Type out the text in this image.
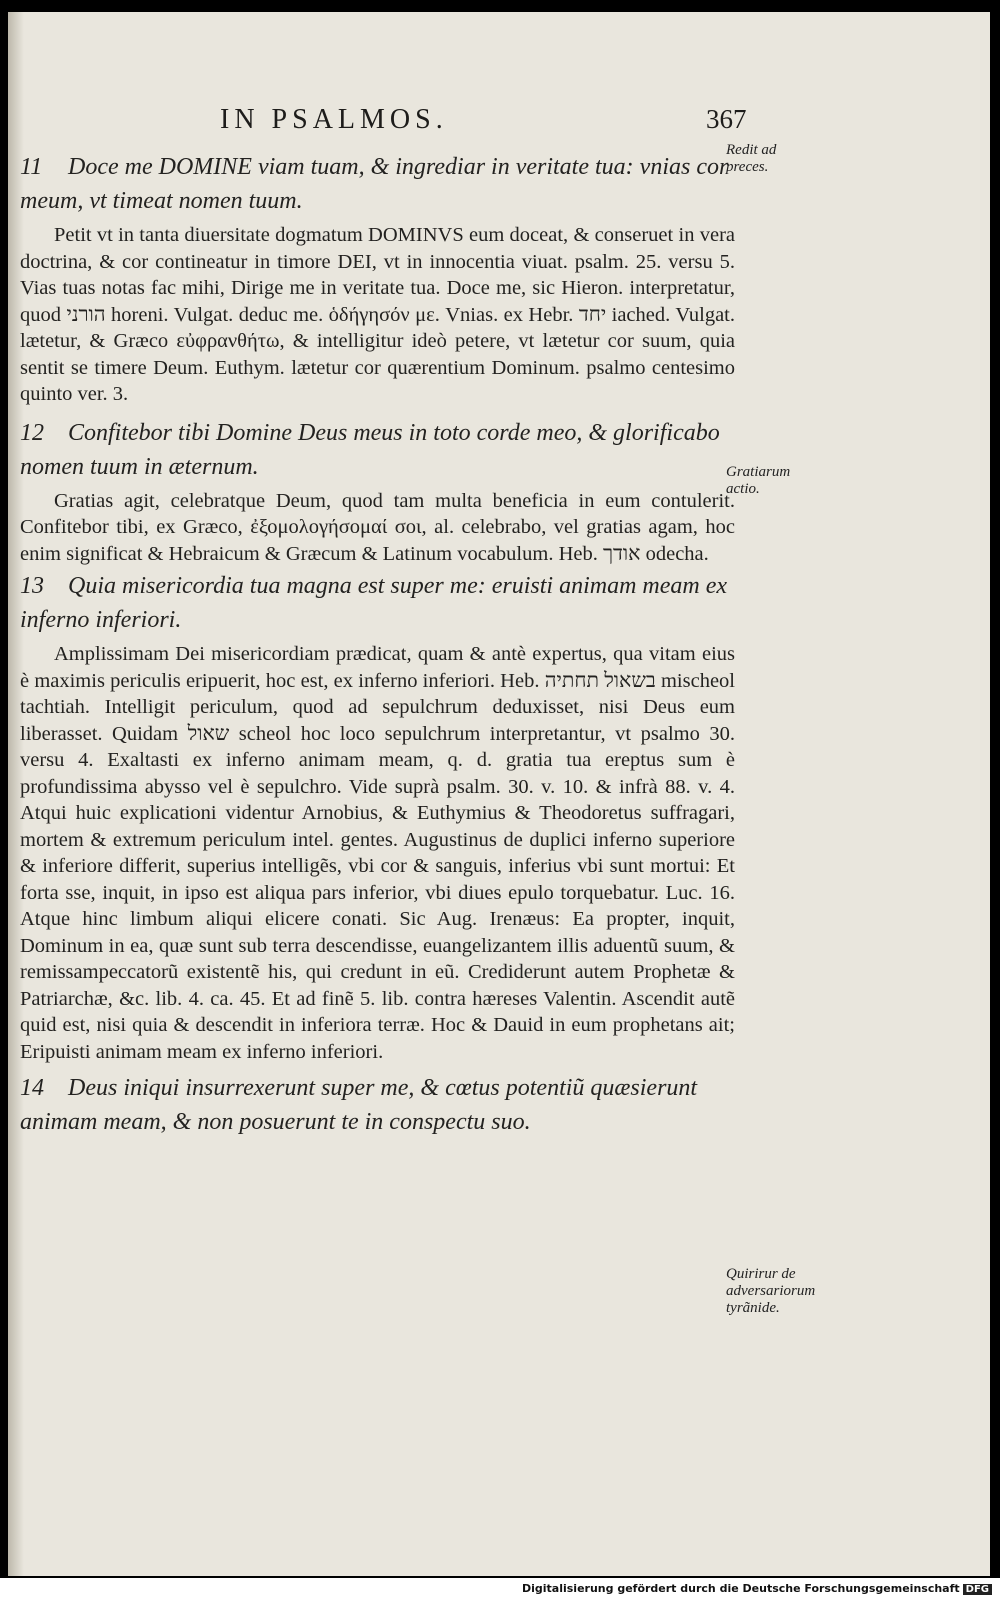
IN PSALMOS.	367
11 Doce me DOMINE viam tuam, & ingrediar in veritate tua: vnias cor meum, vt timeat nomen tuum.

Petit vt in tanta diuersitate dogmatum DOMINVS eum doceat, & conseruet in vera doctrina, & cor contineatur in timore DEI, vt in innocentia viuat. psalm. 25. versu 5. Vias tuas notas fac mihi, Dirige me in veritate tua. Doce me, sic Hieron. interpretatur, quod הורני horeni. Vulgat. deduc me. ὁδήγησόν με. Vnias. ex Hebr. יחד iached. Vulgat. lætetur, & Græco εὐφρανθήτω, & intelligitur ideò petere, vt lætetur cor suum, quia sentit se timere Deum. Euthym. lætetur cor quærentium Dominum. psalmo centesimo quinto ver. 3.

12 Confitebor tibi Domine Deus meus in toto corde meo, & glorificabo nomen tuum in æternum.

Gratias agit, celebratque Deum, quod tam multa beneficia in eum contulerit. Confitebor tibi, ex Græco, ἐξομολογήσομαί σοι, al. celebrabo, vel gratias agam, hoc enim significat & Hebraicum & Græcum & Latinum vocabulum. Heb. אודך odecha.

13 Quia misericordia tua magna est super me: eruisti animam meam ex inferno inferiori.

Amplissimam Dei misericordiam prædicat, quam & antè expertus, qua vitam eius è maximis periculis eripuerit, hoc est, ex inferno inferiori. Heb. בשאול תחתיה mischeol tachtiah. Intelligit periculum, quod ad sepulchrum deduxisset, nisi Deus eum liberasset. Quidam שאול scheol hoc loco sepulchrum interpretantur, vt psalmo 30. versu 4. Exaltasti ex inferno animam meam, q. d. gratia tua ereptus sum è profundissima abysso vel è sepulchro. Vide suprà psalm. 30. v. 10. & infrà 88. v. 4. Atqui huic explicationi videntur Arnobius, & Euthymius & Theodoretus suffragari, mortem & extremum periculum intel. gentes. Augustinus de duplici inferno superiore & inferiore differit, superius intelligẽs, vbi cor & sanguis, inferius vbi sunt mortui: Et forta sse, inquit, in ipso est aliqua pars inferior, vbi diues epulo torquebatur. Luc. 16. Atque hinc limbum aliqui elicere conati. Sic Aug. Irenæus: Ea propter, inquit, Dominum in ea, quæ sunt sub terra descendisse, euangelizantem illis aduentũ suum, & remissampeccatorũ existentẽ his, qui credunt in eũ. Crediderunt autem Prophetæ & Patriarchæ, &c. lib. 4. ca. 45. Et ad finẽ 5. lib. contra hæreses Valentin. Ascendit autẽ quid est, nisi quia & descendit in inferiora terræ. Hoc & Dauid in eum prophetans ait; Eripuisti animam meam ex inferno inferiori.

14 Deus iniqui insurrexerunt super me, & cœtus potentiũ quæsierunt animam meam, & non posuerunt te in conspectu suo.
Redit ad preces.
Gratiarum actio.
Quirirur de adversariorum tyrãnide.
Digitalisierung gefördert durch die Deutsche Forschungsgemeinschaft DFG
